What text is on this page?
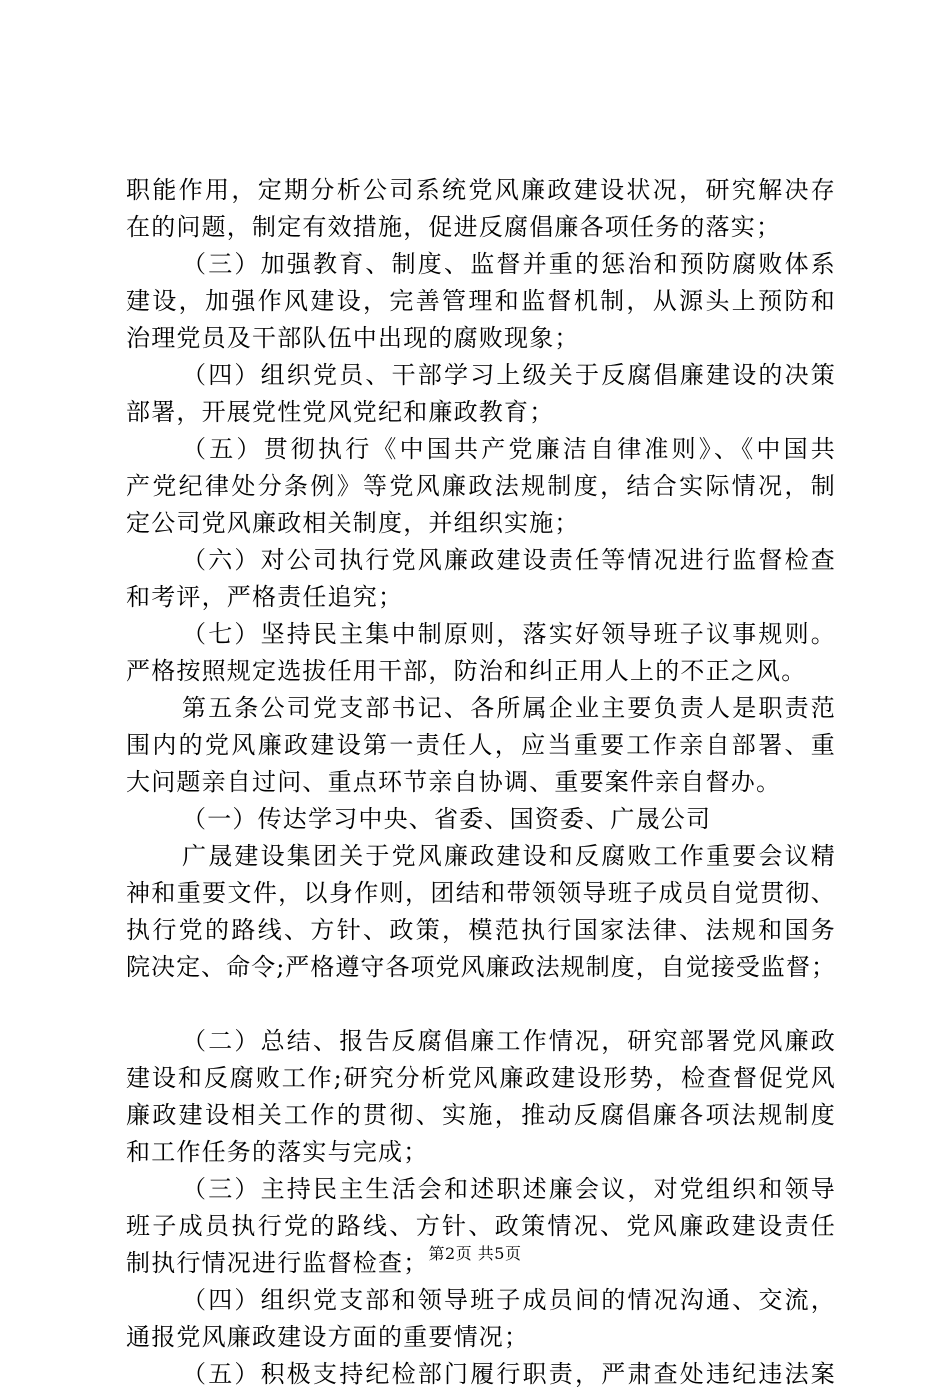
职能作用，定期分析公司系统党风廉政建设状况，研究解决存
在的问题，制定有效措施，促进反腐倡廉各项任务的落实；
（三）加强教育、制度、监督并重的惩治和预防腐败体系
建设，加强作风建设，完善管理和监督机制，从源头上预防和
治理党员及干部队伍中出现的腐败现象；
（四）组织党员、干部学习上级关于反腐倡廉建设的决策
部署，开展党性党风党纪和廉政教育；
（五）贯彻执行《中国共产党廉洁自律准则》、《中国共
产党纪律处分条例》等党风廉政法规制度，结合实际情况，制
定公司党风廉政相关制度，并组织实施；
（六）对公司执行党风廉政建设责任等情况进行监督检查
和考评，严格责任追究；
（七）坚持民主集中制原则，落实好领导班子议事规则。
严格按照规定选拔任用干部，防治和纠正用人上的不正之风。
第五条公司党支部书记、各所属企业主要负责人是职责范
围内的党风廉政建设第一责任人，应当重要工作亲自部署、重
大问题亲自过问、重点环节亲自协调、重要案件亲自督办。
（一）传达学习中央、省委、国资委、广晟公司
广晟建设集团关于党风廉政建设和反腐败工作重要会议精
神和重要文件，以身作则，团结和带领领导班子成员自觉贯彻、
执行党的路线、方针、政策，模范执行国家法律、法规和国务
院决定、命令;严格遵守各项党风廉政法规制度，自觉接受监督；
（二）总结、报告反腐倡廉工作情况，研究部署党风廉政
建设和反腐败工作;研究分析党风廉政建设形势，检查督促党风
廉政建设相关工作的贯彻、实施，推动反腐倡廉各项法规制度
和工作任务的落实与完成；
（三）主持民主生活会和述职述廉会议，对党组织和领导
班子成员执行党的路线、方针、政策情况、党风廉政建设责任
制执行情况进行监督检查；
（四）组织党支部和领导班子成员间的情况沟通、交流，
通报党风廉政建设方面的重要情况；
（五）积极支持纪检部门履行职责，严肃查处违纪违法案
第2页 共5页
